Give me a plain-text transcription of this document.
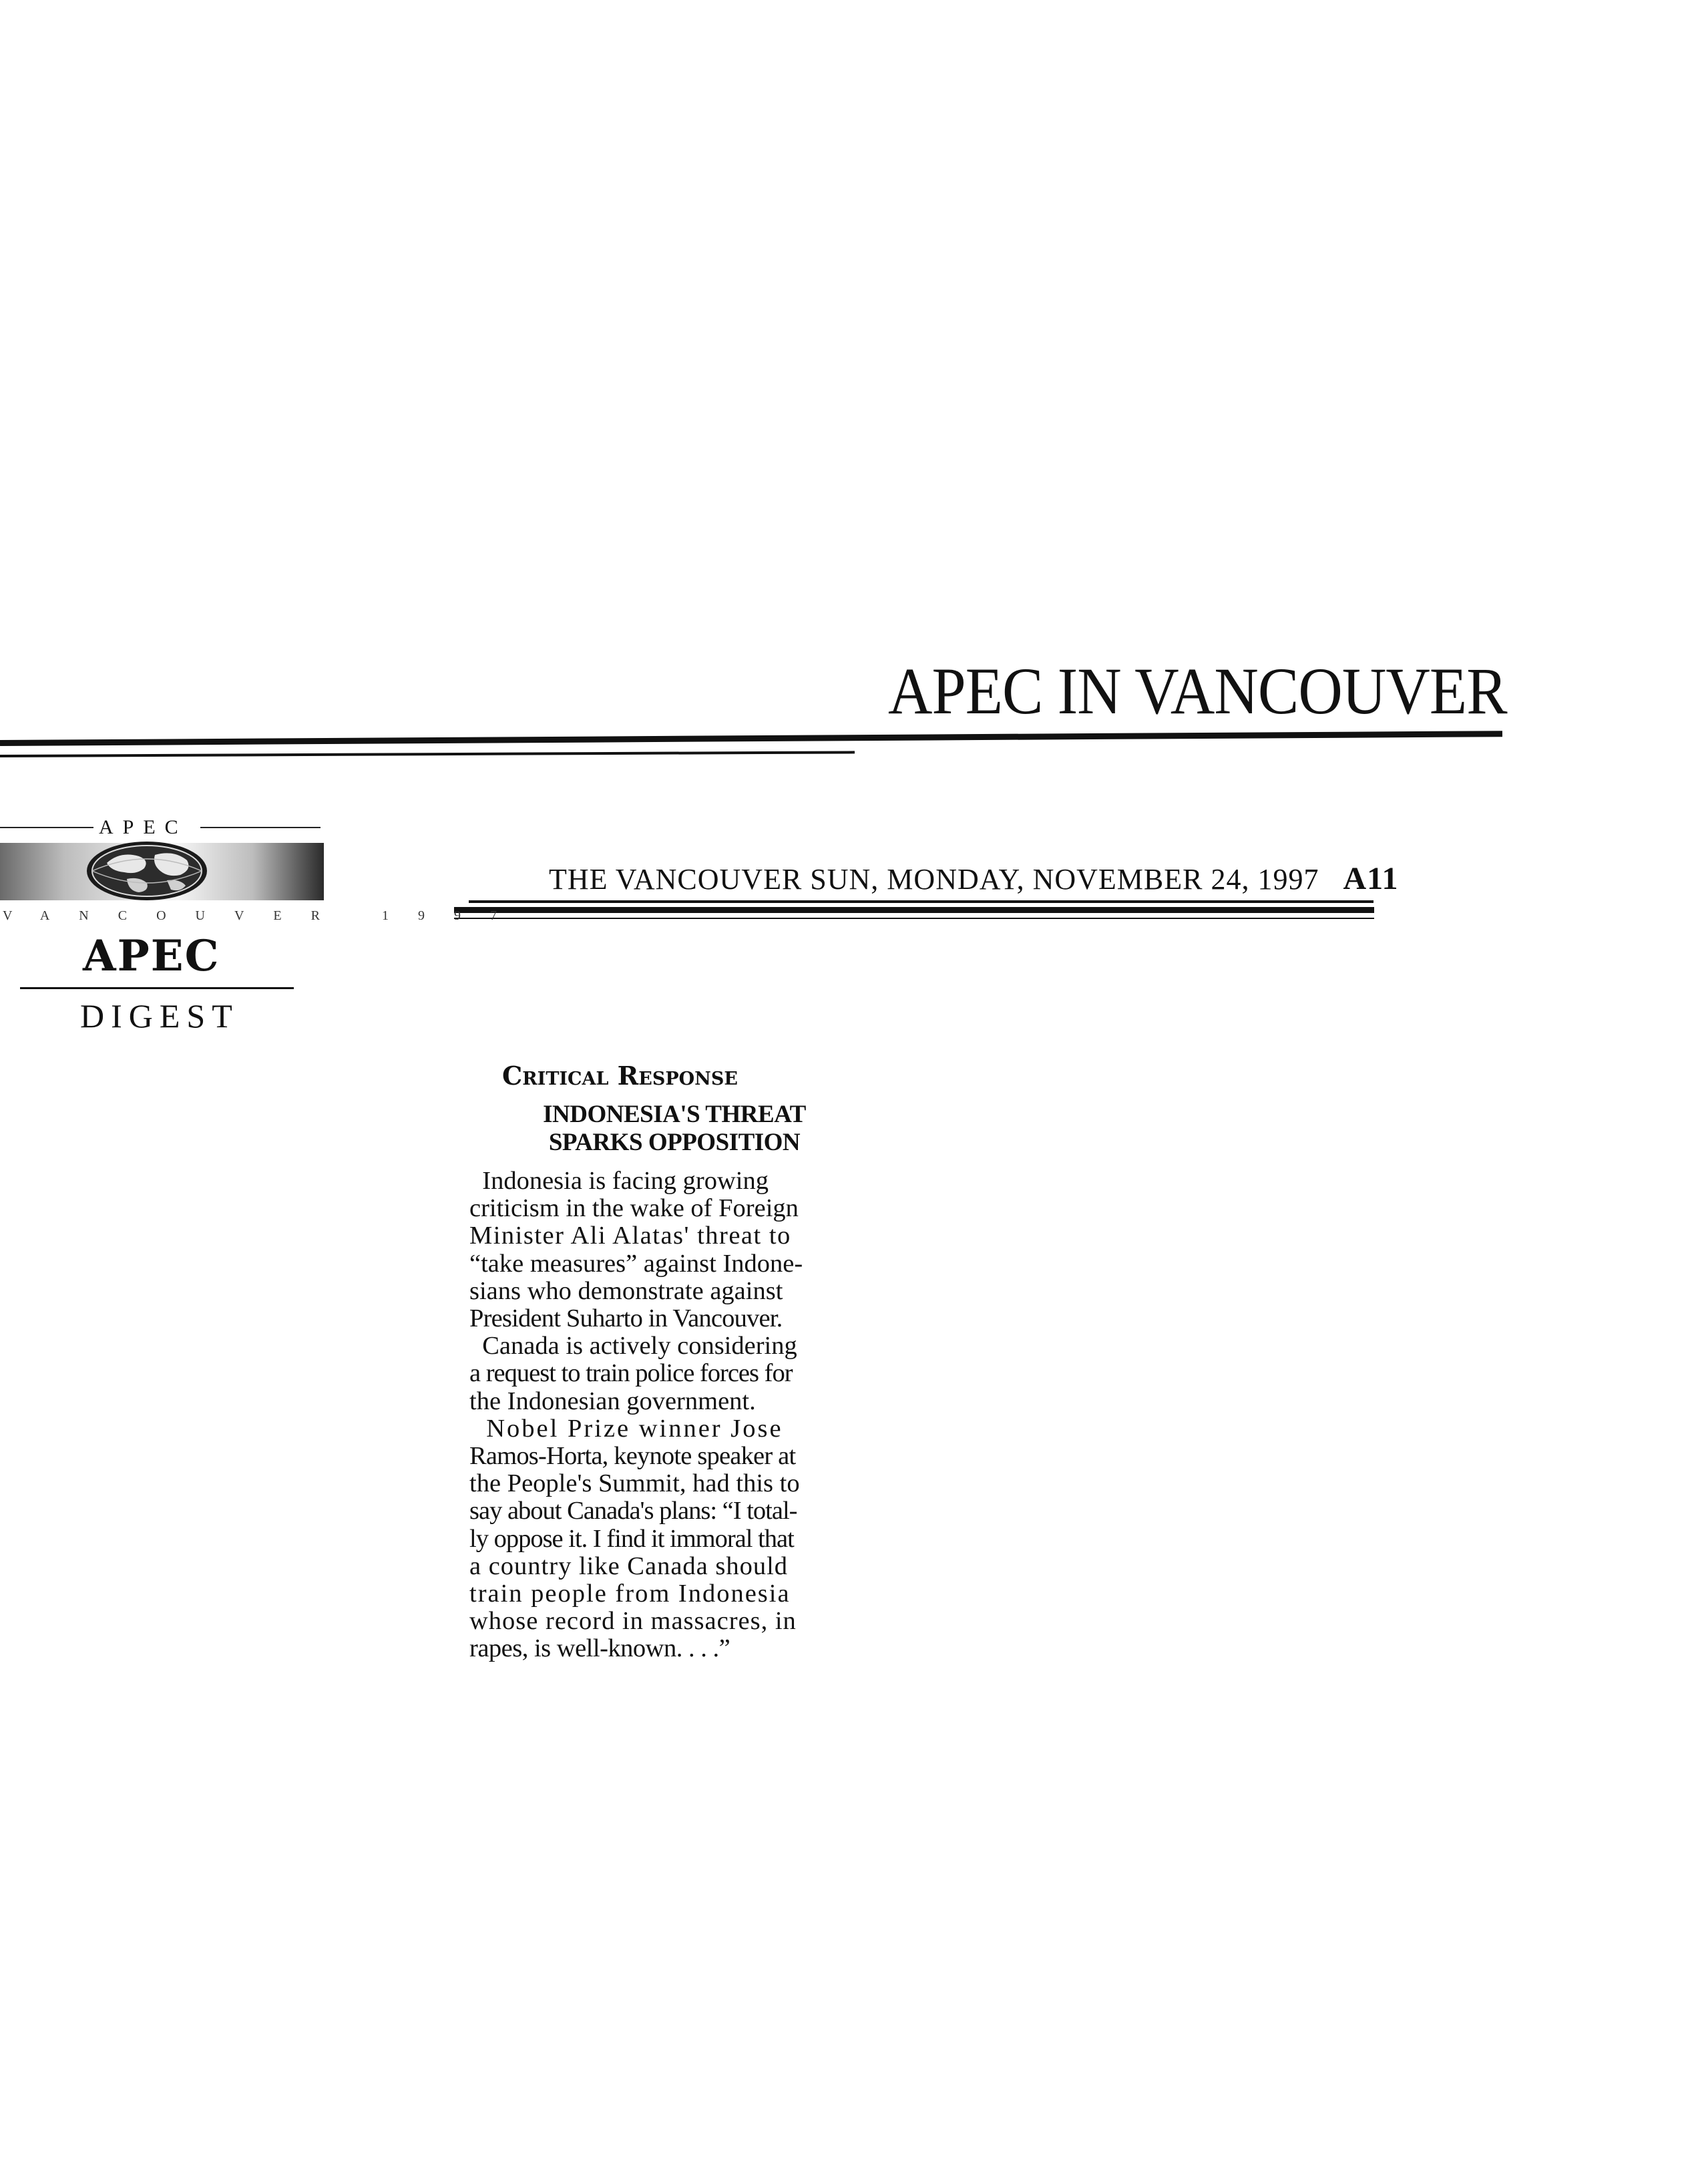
APEC IN VANCOUVER
THE VANCOUVER SUN, MONDAY, NOVEMBER 24, 1997 A11
APEC
VANCOUVER 1997
APEC
DIGEST
Critical Response
INDONESIA'S THREAT
SPARKS OPPOSITION
Indonesia is facing growing
criticism in the wake of Foreign
Minister Ali Alatas' threat to
“take measures” against Indone-
sians who demonstrate against
President Suharto in Vancouver.
Canada is actively considering
a request to train police forces for
the Indonesian government.
Nobel Prize winner Jose
Ramos-Horta, keynote speaker at
the People's Summit, had this to
say about Canada's plans: “I total-
ly oppose it. I find it immoral that
a country like Canada should
train people from Indonesia
whose record in massacres, in
rapes, is well-known. . . .”
